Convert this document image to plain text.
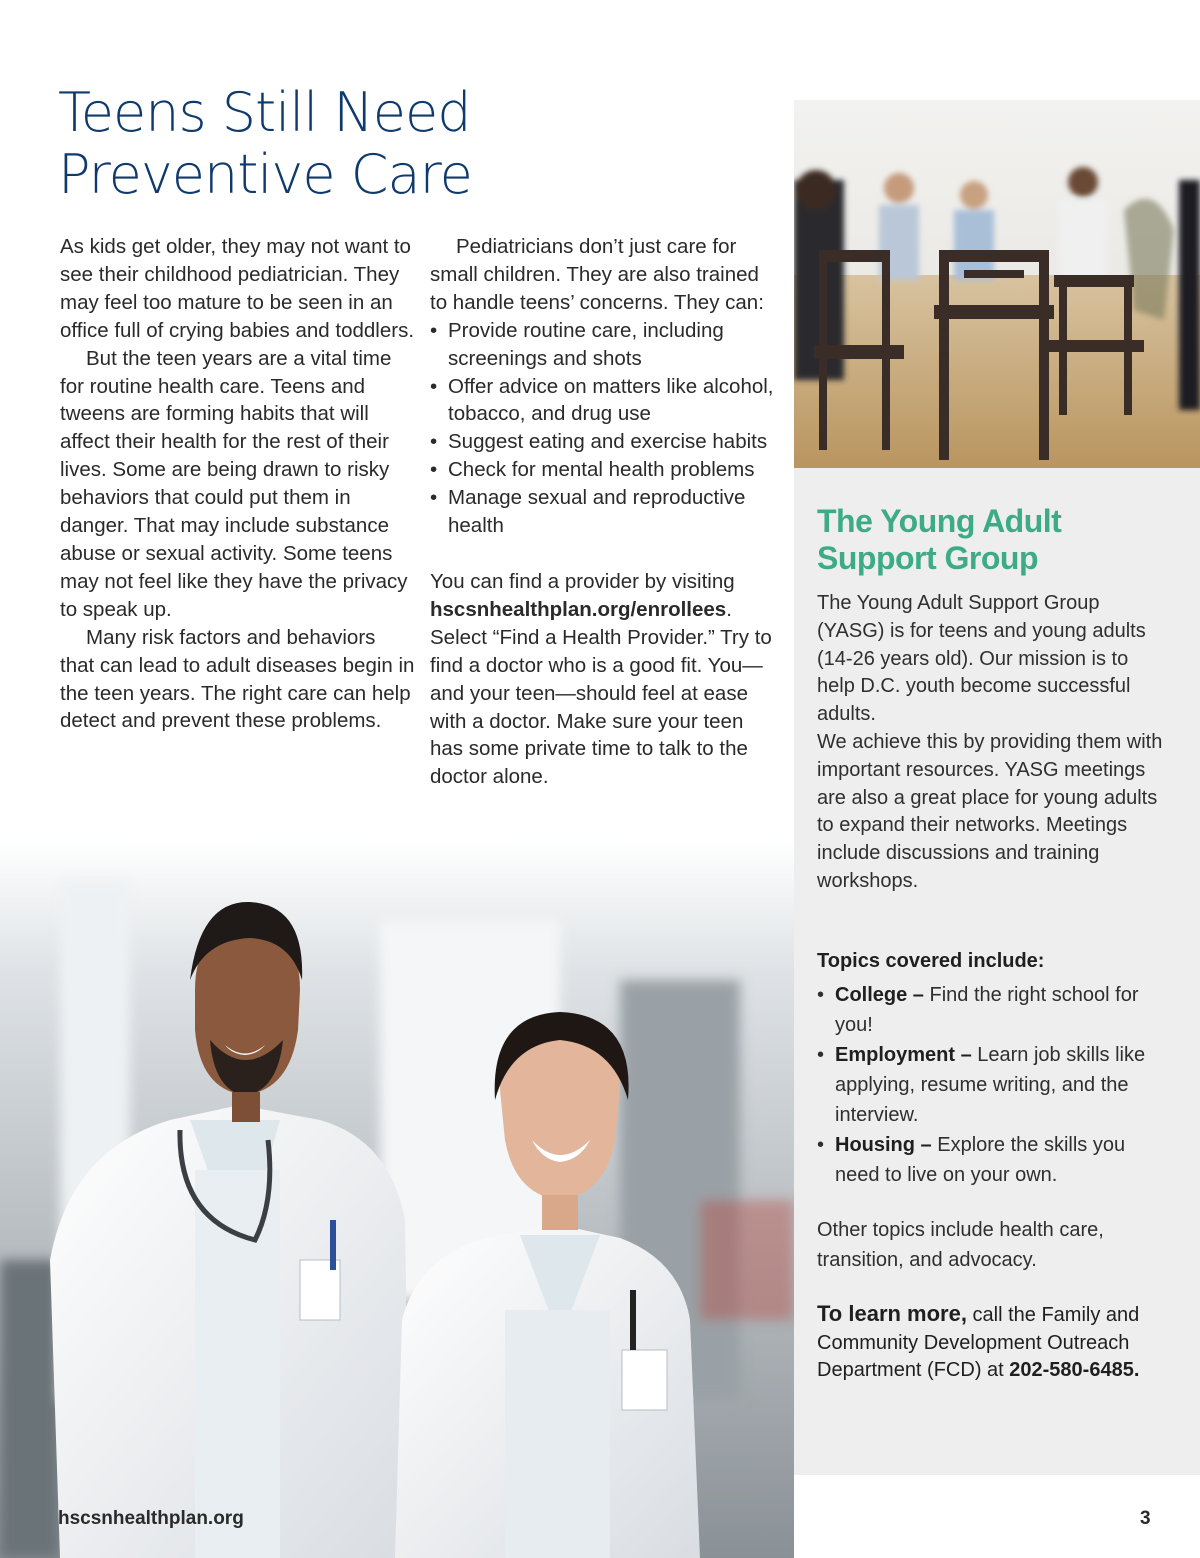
Teens Still Need
Preventive Care

As kids get older, they may not want to see their childhood pediatrician. They may feel too mature to be seen in an office full of crying babies and toddlers.

But the teen years are a vital time for routine health care. Teens and tweens are forming habits that will affect their health for the rest of their lives. Some are being drawn to risky behaviors that could put them in danger. That may include substance abuse or sexual activity. Some teens may not feel like they have the privacy to speak up.

Many risk factors and behaviors that can lead to adult diseases begin in the teen years. The right care can help detect and prevent these problems.

Pediatricians don’t just care for small children. They are also trained to handle teens’ concerns. They can:

• Provide routine care, including screenings and shots
• Offer advice on matters like alcohol, tobacco, and drug use
• Suggest eating and exercise habits
• Check for mental health problems
• Manage sexual and reproductive health

You can find a provider by visiting hscsnhealthplan.org/enrollees. Select “Find a Health Provider.” Try to find a doctor who is a good fit. You—and your teen—should feel at ease with a doctor. Make sure your teen has some private time to talk to the doctor alone.

The Young Adult Support Group

The Young Adult Support Group (YASG) is for teens and young adults (14-26 years old). Our mission is to help D.C. youth become successful adults.

We achieve this by providing them with important resources. YASG meetings are also a great place for young adults to expand their networks. Meetings include discussions and training workshops.

Topics covered include:

• College – Find the right school for you!
• Employment – Learn job skills like applying, resume writing, and the interview.
• Housing – Explore the skills you need to live on your own.

Other topics include health care, transition, and advocacy.

To learn more, call the Family and Community Development Outreach Department (FCD) at 202-580-6485.

hscsnhealthplan.org	3
